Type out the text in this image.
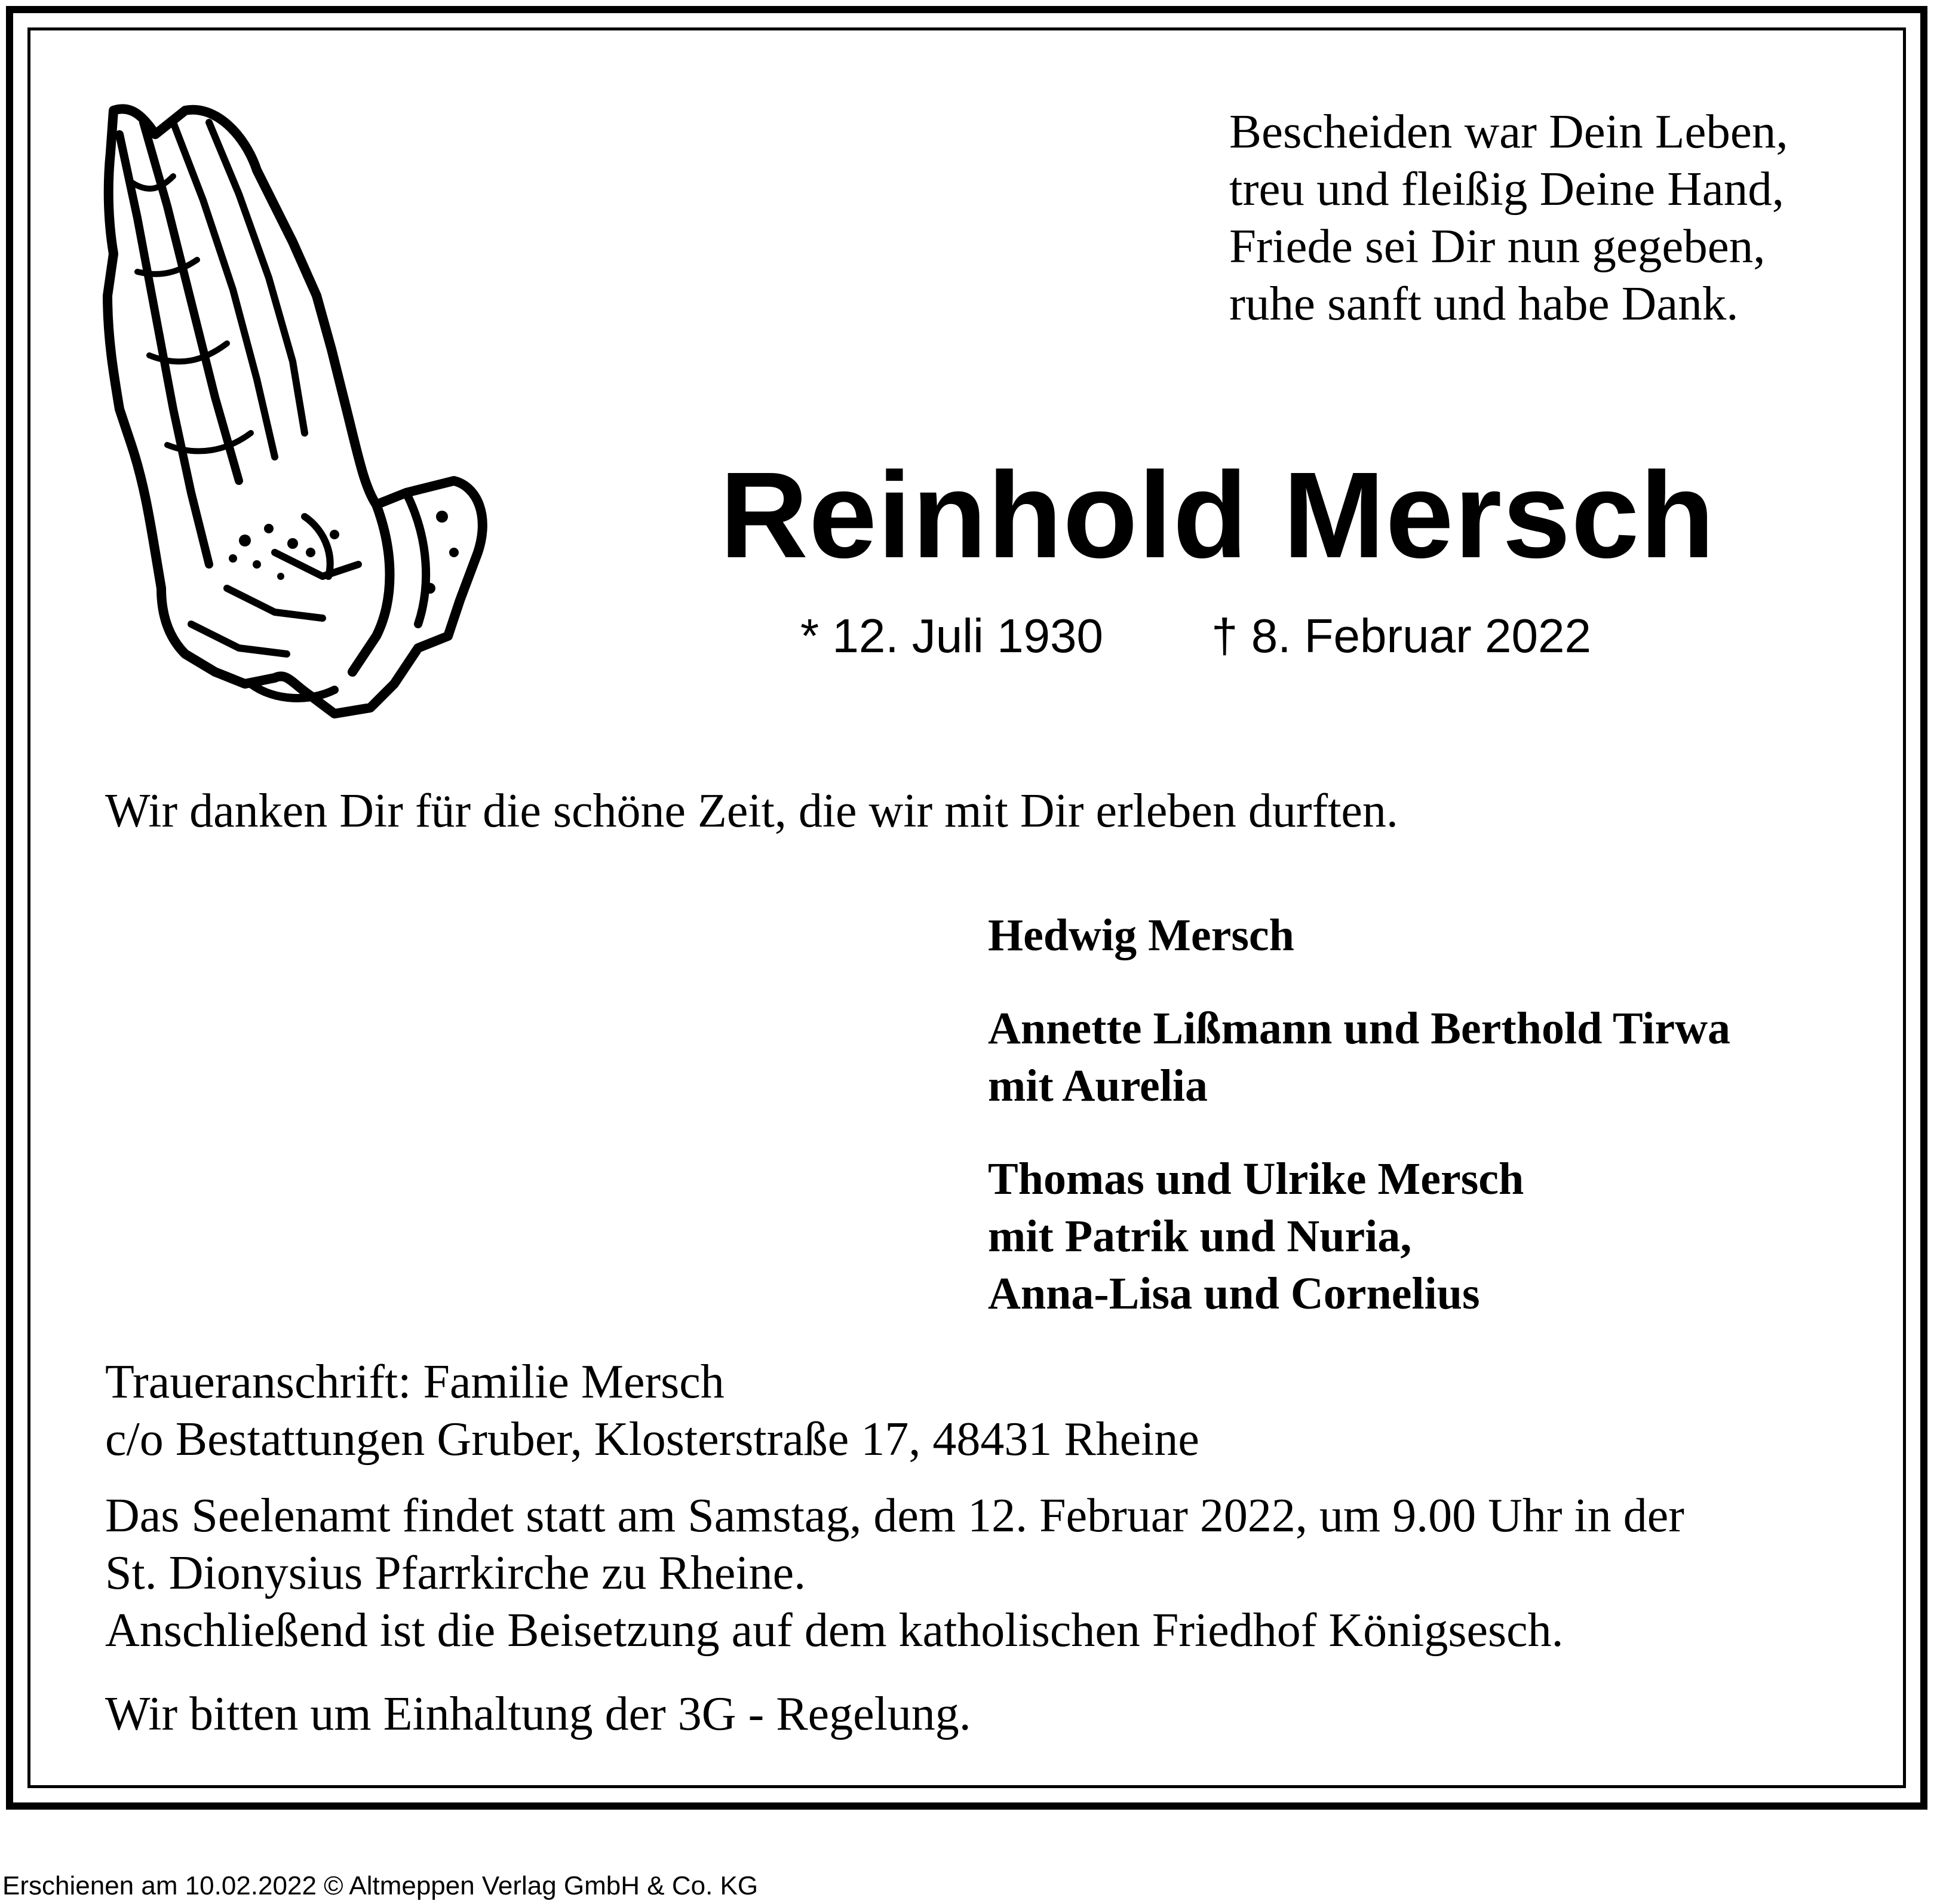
Bescheiden war Dein Leben,
treu und fleißig Deine Hand,
Friede sei Dir nun gegeben,
ruhe sanft und habe Dank.
Reinhold Mersch
* 12. Juli 1930 † 8. Februar 2022
Wir danken Dir für die schöne Zeit, die wir mit Dir erleben durften.
Hedwig Mersch
Annette Lißmann und Berthold Tirwa
mit Aurelia
Thomas und Ulrike Mersch
mit Patrik und Nuria,
Anna-Lisa und Cornelius
Traueranschrift: Familie Mersch
c/o Bestattungen Gruber, Klosterstraße 17, 48431 Rheine
Das Seelenamt findet statt am Samstag, dem 12. Februar 2022, um 9.00 Uhr in der
St. Dionysius Pfarrkirche zu Rheine.
Anschließend ist die Beisetzung auf dem katholischen Friedhof Königsesch.
Wir bitten um Einhaltung der 3G - Regelung.
Erschienen am 10.02.2022 © Altmeppen Verlag GmbH & Co. KG
